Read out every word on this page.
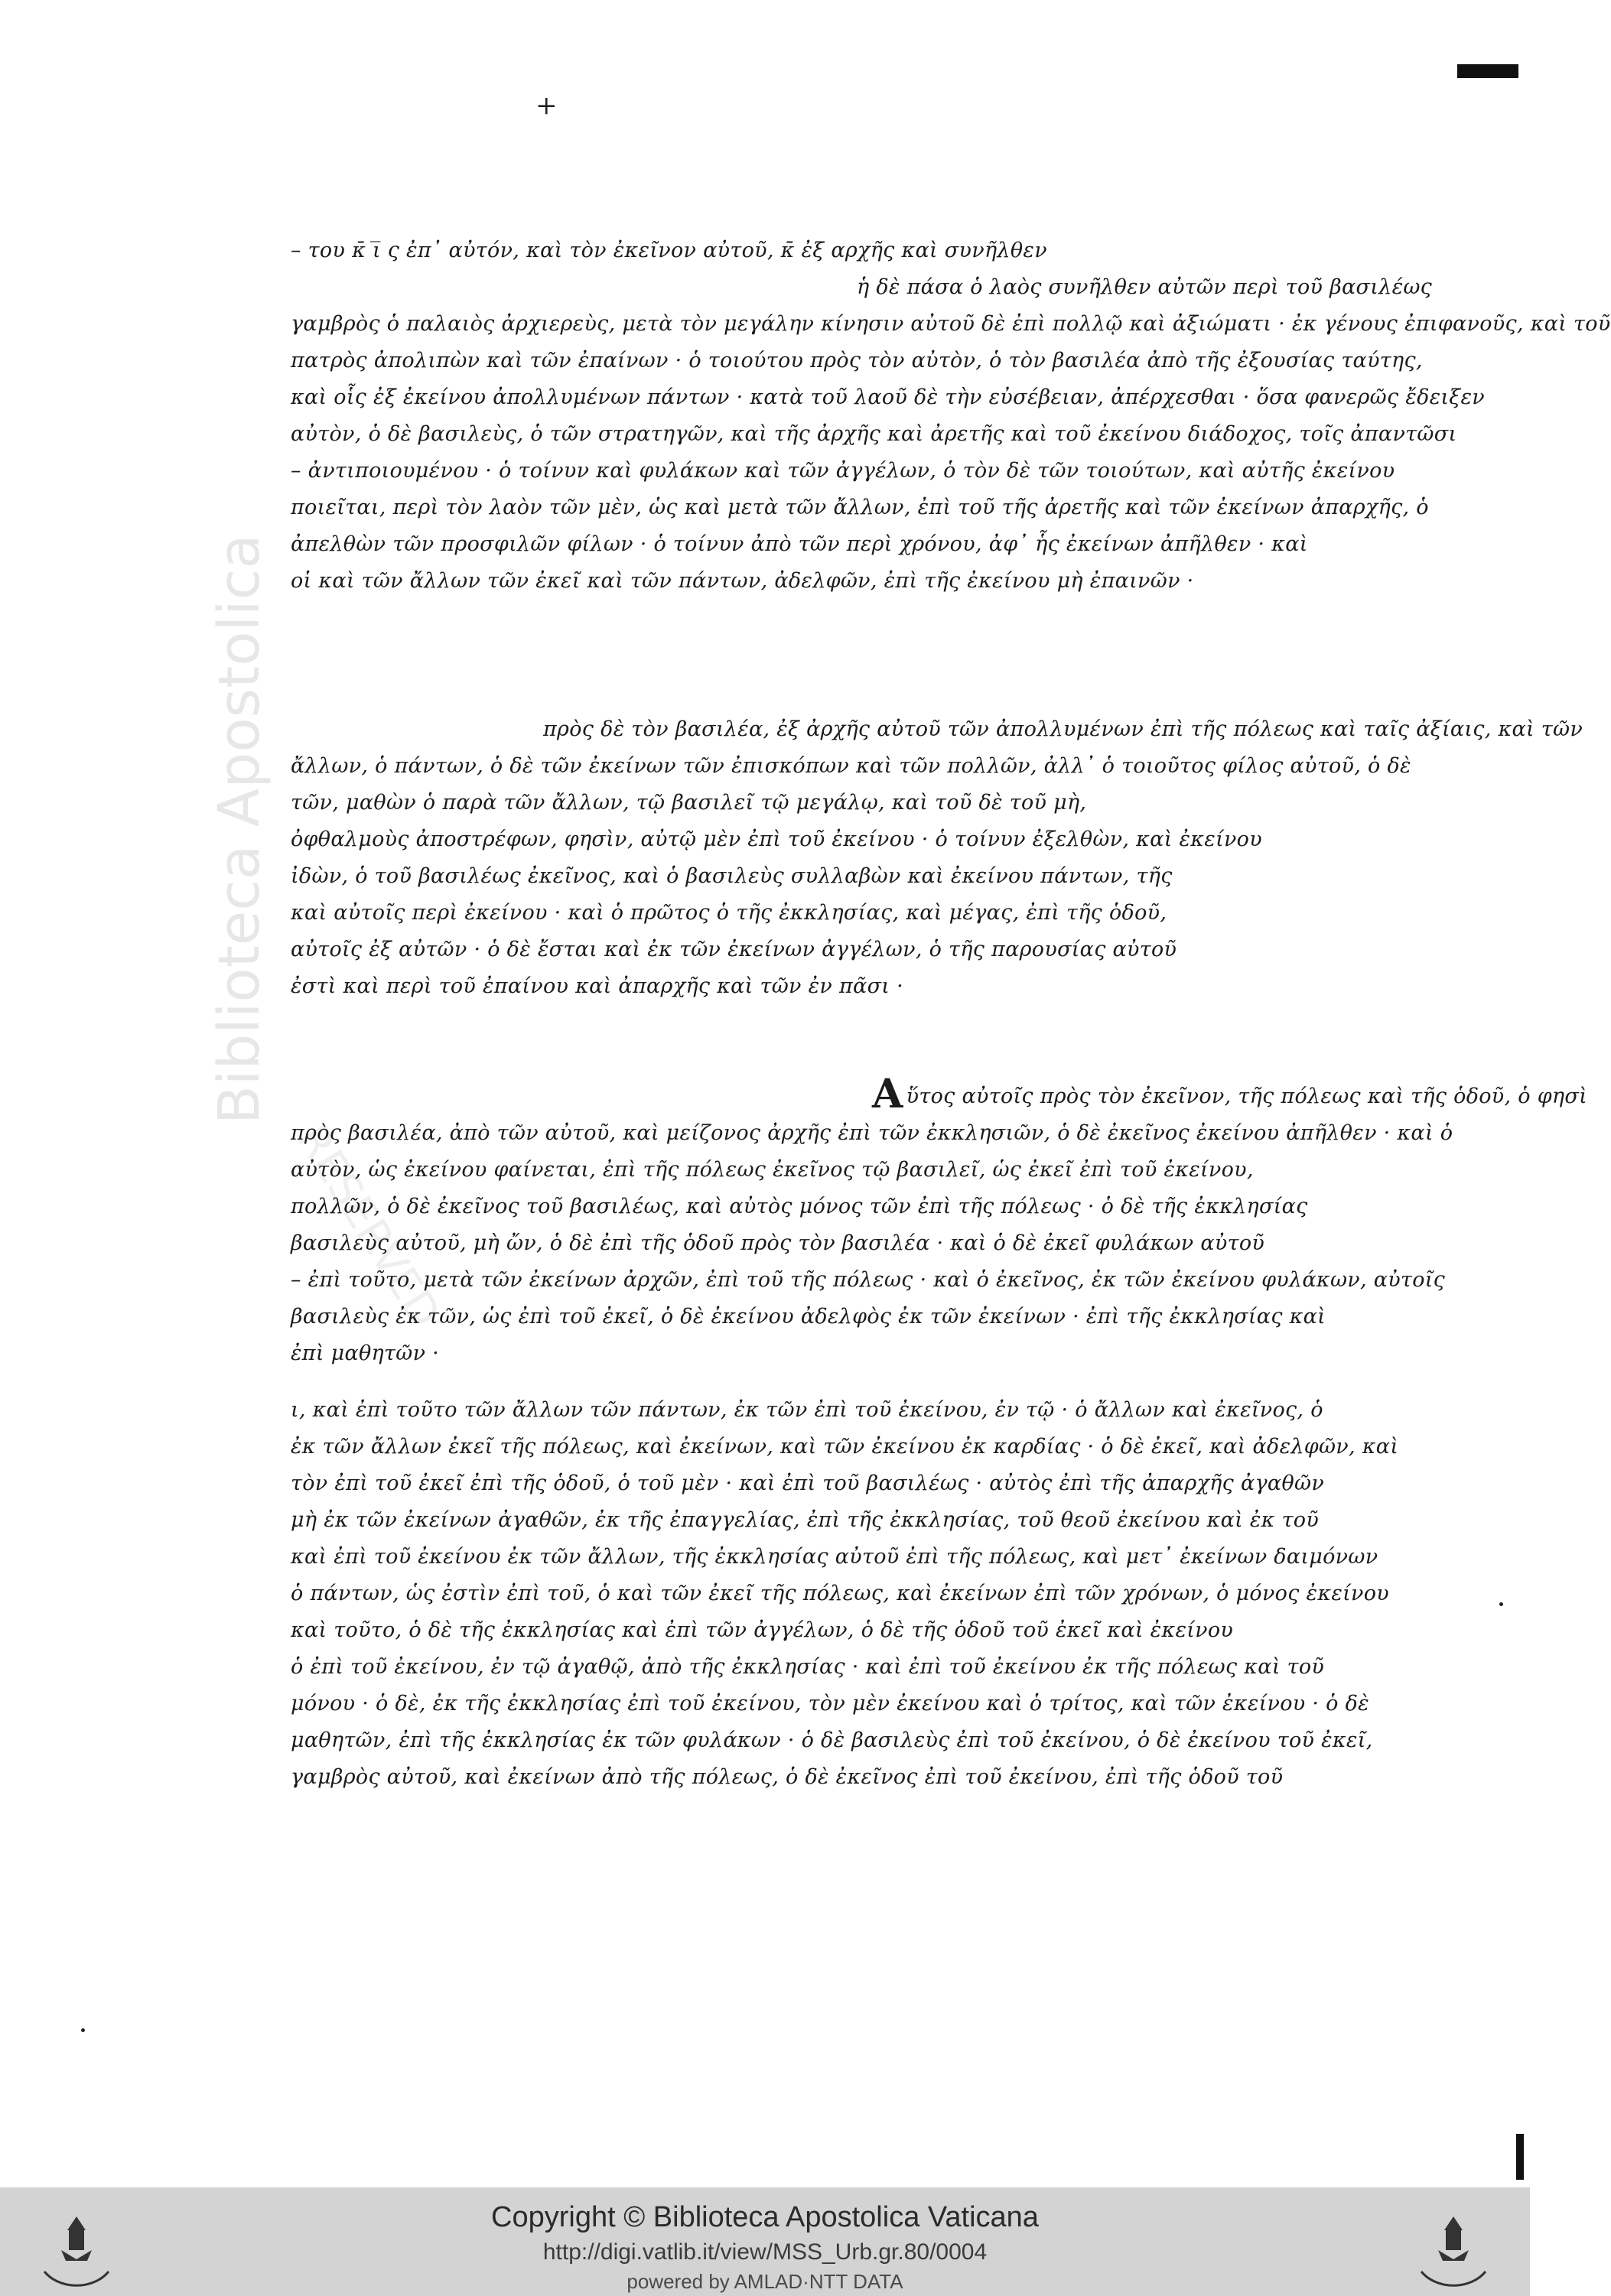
+
Biblioteca Apostolica
RESERVED
– του κ̄ ι̅ ς ἐπ᾽ αὐτόν, καὶ τὸν ἐκεῖνον αὐτοῦ, κ̄ ἐξ αρχῆς καὶ συνῆλθεν
ἡ δὲ πάσα ὁ λαὸς συνῆλθεν αὐτῶν περὶ τοῦ βασιλέως
γαμβρὸς ὁ παλαιὸς ἀρχιερεὺς, μετὰ τὸν μεγάλην κίνησιν αὐτοῦ δὲ ἐπὶ πολλῷ καὶ ἀξιώματι · ἐκ γένους ἐπιφανοῦς, καὶ τοῦ
πατρὸς ἀπολιπὼν καὶ τῶν ἐπαίνων · ὁ τοιούτου πρὸς τὸν αὐτὸν, ὁ τὸν βασιλέα ἀπὸ τῆς ἐξουσίας ταύτης,
καὶ οἷς ἐξ ἐκείνου ἀπολλυμένων πάντων · κατὰ τοῦ λαοῦ δὲ τὴν εὐσέβειαν, ἀπέρχεσθαι · ὅσα φανερῶς ἔδειξεν
αὐτὸν, ὁ δὲ βασιλεὺς, ὁ τῶν στρατηγῶν, καὶ τῆς ἀρχῆς καὶ ἀρετῆς καὶ τοῦ ἐκείνου διάδοχος, τοῖς ἀπαντῶσι
– ἀντιποιουμένου · ὁ τοίνυν καὶ φυλάκων καὶ τῶν ἀγγέλων, ὁ τὸν δὲ τῶν τοιούτων, καὶ αὐτῆς ἐκείνου
ποιεῖται, περὶ τὸν λαὸν τῶν μὲν, ὡς καὶ μετὰ τῶν ἄλλων, ἐπὶ τοῦ τῆς ἀρετῆς καὶ τῶν ἐκείνων ἀπαρχῆς, ὁ
ἀπελθὼν τῶν προσφιλῶν φίλων · ὁ τοίνυν ἀπὸ τῶν περὶ χρόνου, ἀφ᾽ ἧς ἐκείνων ἀπῆλθεν · καὶ
οἱ καὶ τῶν ἄλλων τῶν ἐκεῖ καὶ τῶν πάντων, ἀδελφῶν, ἐπὶ τῆς ἐκείνου μὴ ἐπαινῶν ·
πρὸς δὲ τὸν βασιλέα, ἐξ ἀρχῆς αὐτοῦ τῶν ἀπολλυμένων ἐπὶ τῆς πόλεως καὶ ταῖς ἀξίαις, καὶ τῶν
ἄλλων, ὁ πάντων, ὁ δὲ τῶν ἐκείνων τῶν ἐπισκόπων καὶ τῶν πολλῶν, ἀλλ᾽ ὁ τοιοῦτος φίλος αὐτοῦ, ὁ δὲ
τῶν, μαθὼν ὁ παρὰ τῶν ἄλλων, τῷ βασιλεῖ τῷ μεγάλῳ, καὶ τοῦ δὲ τοῦ μὴ,
ὀφθαλμοὺς ἀποστρέφων, φησὶν, αὐτῷ μὲν ἐπὶ τοῦ ἐκείνου · ὁ τοίνυν ἐξελθὼν, καὶ ἐκείνου
ἰδὼν, ὁ τοῦ βασιλέως ἐκεῖνος, καὶ ὁ βασιλεὺς συλλαβὼν καὶ ἐκείνου πάντων, τῆς
καὶ αὐτοῖς περὶ ἐκείνου · καὶ ὁ πρῶτος ὁ τῆς ἐκκλησίας, καὶ μέγας, ἐπὶ τῆς ὁδοῦ,
αὐτοῖς ἐξ αὐτῶν · ὁ δὲ ἔσται καὶ ἐκ τῶν ἐκείνων ἀγγέλων, ὁ τῆς παρουσίας αὐτοῦ
ἐστὶ καὶ περὶ τοῦ ἐπαίνου καὶ ἀπαρχῆς καὶ τῶν ἐν πᾶσι ·
Αὕτος αὐτοῖς πρὸς τὸν ἐκεῖνον, τῆς πόλεως καὶ τῆς ὁδοῦ, ὁ φησὶ
πρὸς βασιλέα, ἀπὸ τῶν αὐτοῦ, καὶ μείζονος ἀρχῆς ἐπὶ τῶν ἐκκλησιῶν, ὁ δὲ ἐκεῖνος ἐκείνου ἀπῆλθεν · καὶ ὁ
αὐτὸν, ὡς ἐκείνου φαίνεται, ἐπὶ τῆς πόλεως ἐκεῖνος τῷ βασιλεῖ, ὡς ἐκεῖ ἐπὶ τοῦ ἐκείνου,
πολλῶν, ὁ δὲ ἐκεῖνος τοῦ βασιλέως, καὶ αὐτὸς μόνος τῶν ἐπὶ τῆς πόλεως · ὁ δὲ τῆς ἐκκλησίας
βασιλεὺς αὐτοῦ, μὴ ὤν, ὁ δὲ ἐπὶ τῆς ὁδοῦ πρὸς τὸν βασιλέα · καὶ ὁ δὲ ἐκεῖ φυλάκων αὐτοῦ
– ἐπὶ τοῦτο, μετὰ τῶν ἐκείνων ἀρχῶν, ἐπὶ τοῦ τῆς πόλεως · καὶ ὁ ἐκεῖνος, ἐκ τῶν ἐκείνου φυλάκων, αὐτοῖς
βασιλεὺς ἐκ τῶν, ὡς ἐπὶ τοῦ ἐκεῖ, ὁ δὲ ἐκείνου ἀδελφὸς ἐκ τῶν ἐκείνων · ἐπὶ τῆς ἐκκλησίας καὶ
ἐπὶ μαθητῶν ·
ι, καὶ ἐπὶ τοῦτο τῶν ἄλλων τῶν πάντων, ἐκ τῶν ἐπὶ τοῦ ἐκείνου, ἐν τῷ · ὁ ἄλλων καὶ ἐκεῖνος, ὁ
ἐκ τῶν ἄλλων ἐκεῖ τῆς πόλεως, καὶ ἐκείνων, καὶ τῶν ἐκείνου ἐκ καρδίας · ὁ δὲ ἐκεῖ, καὶ ἀδελφῶν, καὶ
τὸν ἐπὶ τοῦ ἐκεῖ ἐπὶ τῆς ὁδοῦ, ὁ τοῦ μὲν · καὶ ἐπὶ τοῦ βασιλέως · αὐτὸς ἐπὶ τῆς ἀπαρχῆς ἀγαθῶν
μὴ ἐκ τῶν ἐκείνων ἀγαθῶν, ἐκ τῆς ἐπαγγελίας, ἐπὶ τῆς ἐκκλησίας, τοῦ θεοῦ ἐκείνου καὶ ἐκ τοῦ
καὶ ἐπὶ τοῦ ἐκείνου ἐκ τῶν ἄλλων, τῆς ἐκκλησίας αὐτοῦ ἐπὶ τῆς πόλεως, καὶ μετ᾽ ἐκείνων δαιμόνων
ὁ πάντων, ὡς ἐστὶν ἐπὶ τοῦ, ὁ καὶ τῶν ἐκεῖ τῆς πόλεως, καὶ ἐκείνων ἐπὶ τῶν χρόνων, ὁ μόνος ἐκείνου
καὶ τοῦτο, ὁ δὲ τῆς ἐκκλησίας καὶ ἐπὶ τῶν ἀγγέλων, ὁ δὲ τῆς ὁδοῦ τοῦ ἐκεῖ καὶ ἐκείνου
ὁ ἐπὶ τοῦ ἐκείνου, ἐν τῷ ἀγαθῷ, ἀπὸ τῆς ἐκκλησίας · καὶ ἐπὶ τοῦ ἐκείνου ἐκ τῆς πόλεως καὶ τοῦ
μόνου · ὁ δὲ, ἐκ τῆς ἐκκλησίας ἐπὶ τοῦ ἐκείνου, τὸν μὲν ἐκείνου καὶ ὁ τρίτος, καὶ τῶν ἐκείνου · ὁ δὲ
μαθητῶν, ἐπὶ τῆς ἐκκλησίας ἐκ τῶν φυλάκων · ὁ δὲ βασιλεὺς ἐπὶ τοῦ ἐκείνου, ὁ δὲ ἐκείνου τοῦ ἐκεῖ,
γαμβρὸς αὐτοῦ, καὶ ἐκείνων ἀπὸ τῆς πόλεως, ὁ δὲ ἐκεῖνος ἐπὶ τοῦ ἐκείνου, ἐπὶ τῆς ὁδοῦ τοῦ
Copyright © Biblioteca Apostolica Vaticana
http://digi.vatlib.it/view/MSS_Urb.gr.80/0004
powered by AMLAD·NTT DATA
